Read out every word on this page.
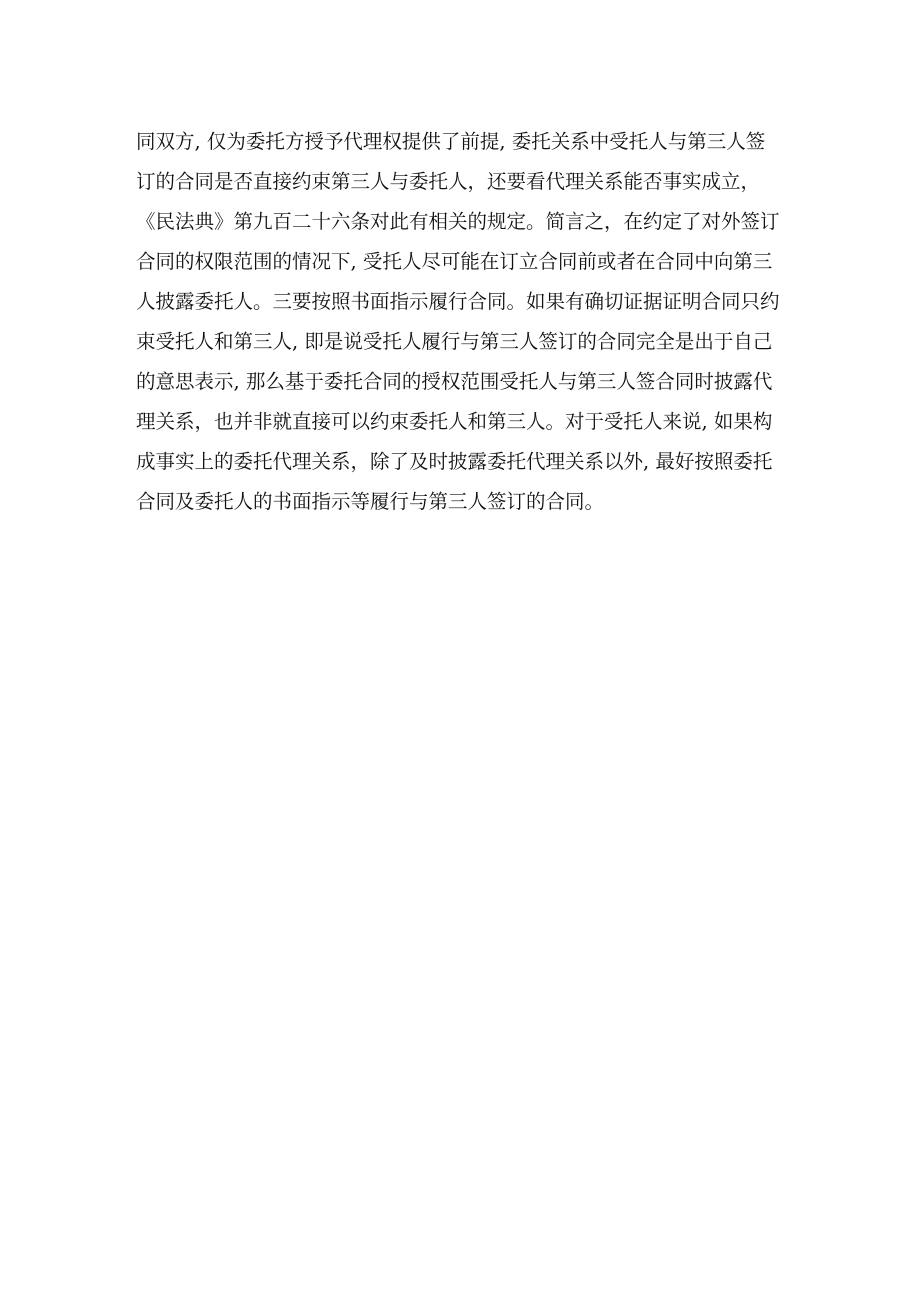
同双方, 仅为委托方授予代理权提供了前提, 委托关系中受托人与第三人签
订的合同是否直接约束第三人与委托人，还要看代理关系能否事实成立，
《民法典》第九百二十六条对此有相关的规定。简言之，在约定了对外签订
合同的权限范围的情况下, 受托人尽可能在订立合同前或者在合同中向第三
人披露委托人。三要按照书面指示履行合同。如果有确切证据证明合同只约
束受托人和第三人, 即是说受托人履行与第三人签订的合同完全是出于自己
的意思表示, 那么基于委托合同的授权范围受托人与第三人签合同时披露代
理关系，也并非就直接可以约束委托人和第三人。对于受托人来说, 如果构
成事实上的委托代理关系，除了及时披露委托代理关系以外, 最好按照委托
合同及委托人的书面指示等履行与第三人签订的合同。
